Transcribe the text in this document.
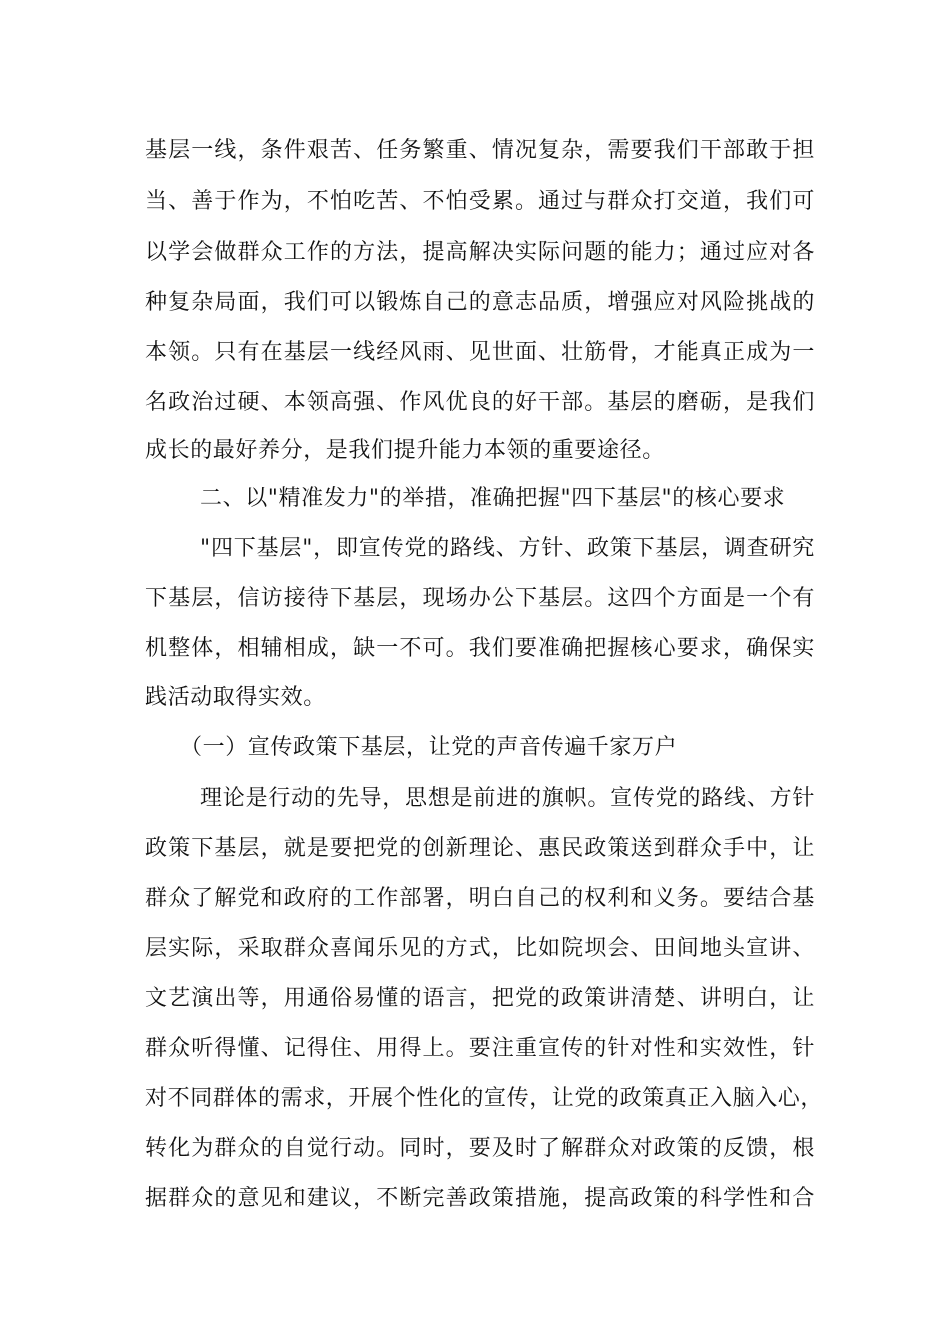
基层一线，条件艰苦、任务繁重、情况复杂，需要我们干部敢于担
当、善于作为，不怕吃苦、不怕受累。通过与群众打交道，我们可
以学会做群众工作的方法，提高解决实际问题的能力；通过应对各
种复杂局面，我们可以锻炼自己的意志品质，增强应对风险挑战的
本领。只有在基层一线经风雨、见世面、壮筋骨，才能真正成为一
名政治过硬、本领高强、作风优良的好干部。基层的磨砺，是我们
成长的最好养分，是我们提升能力本领的重要途径。
二、以"精准发力"的举措，准确把握"四下基层"的核心要求
"四下基层"，即宣传党的路线、方针、政策下基层，调查研究
下基层，信访接待下基层，现场办公下基层。这四个方面是一个有
机整体，相辅相成，缺一不可。我们要准确把握核心要求，确保实
践活动取得实效。
（一）宣传政策下基层，让党的声音传遍千家万户
理论是行动的先导，思想是前进的旗帜。宣传党的路线、方针
政策下基层，就是要把党的创新理论、惠民政策送到群众手中，让
群众了解党和政府的工作部署，明白自己的权利和义务。要结合基
层实际，采取群众喜闻乐见的方式，比如院坝会、田间地头宣讲、
文艺演出等，用通俗易懂的语言，把党的政策讲清楚、讲明白，让
群众听得懂、记得住、用得上。要注重宣传的针对性和实效性，针
对不同群体的需求，开展个性化的宣传，让党的政策真正入脑入心，
转化为群众的自觉行动。同时，要及时了解群众对政策的反馈，根
据群众的意见和建议，不断完善政策措施，提高政策的科学性和合
